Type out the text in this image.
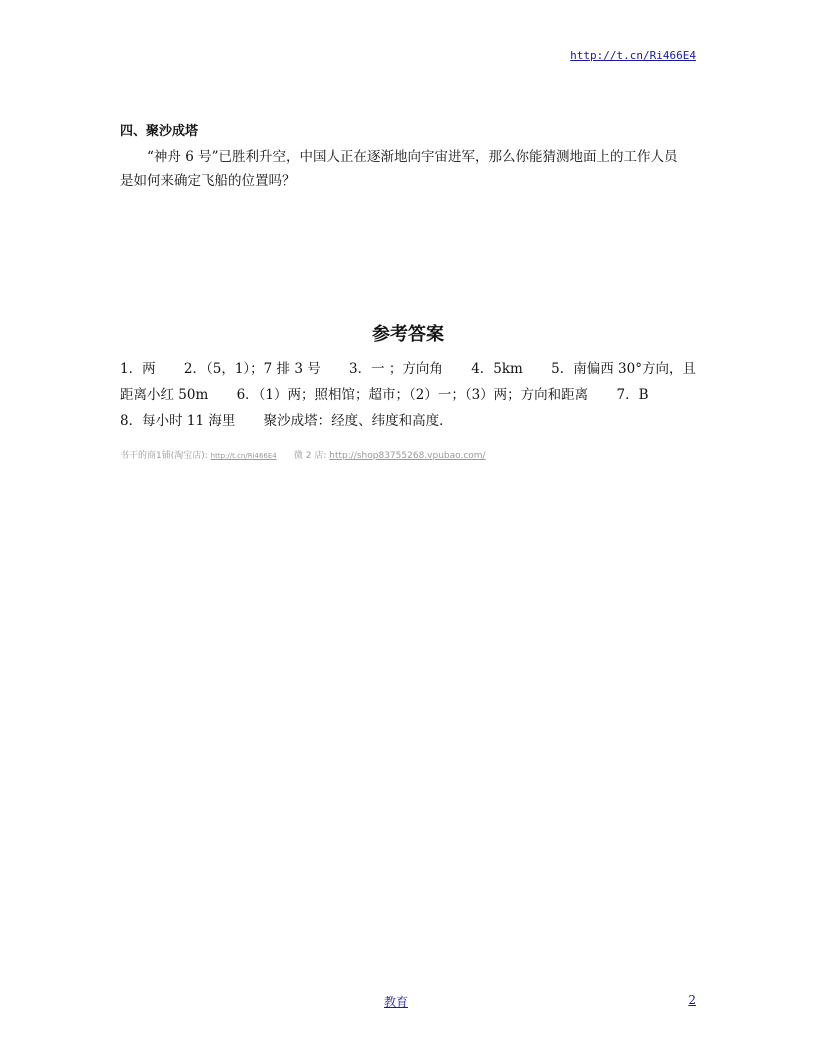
http://t.cn/Ri466E4
四、聚沙成塔
“神舟 6 号”已胜利升空，中国人正在逐渐地向宇宙进军，那么你能猜测地面上的工作人员
是如何来确定飞船的位置吗？
参考答案
1．两 2．（5，1）；7 排 3 号 3．一 ；方向角 4．5km 5．南偏西 30°方向，且
距离小红 50m 6．（1）两；照相馆；超市；（2）一；（3）两；方向和距离 7．B
8．每小时 11 海里 聚沙成塔：经度、纬度和高度．
书干的商1铺(淘宝店): http://t.cn/Ri466E4 微 2 店: http://shop83755268.vpubao.com/
教育	2
